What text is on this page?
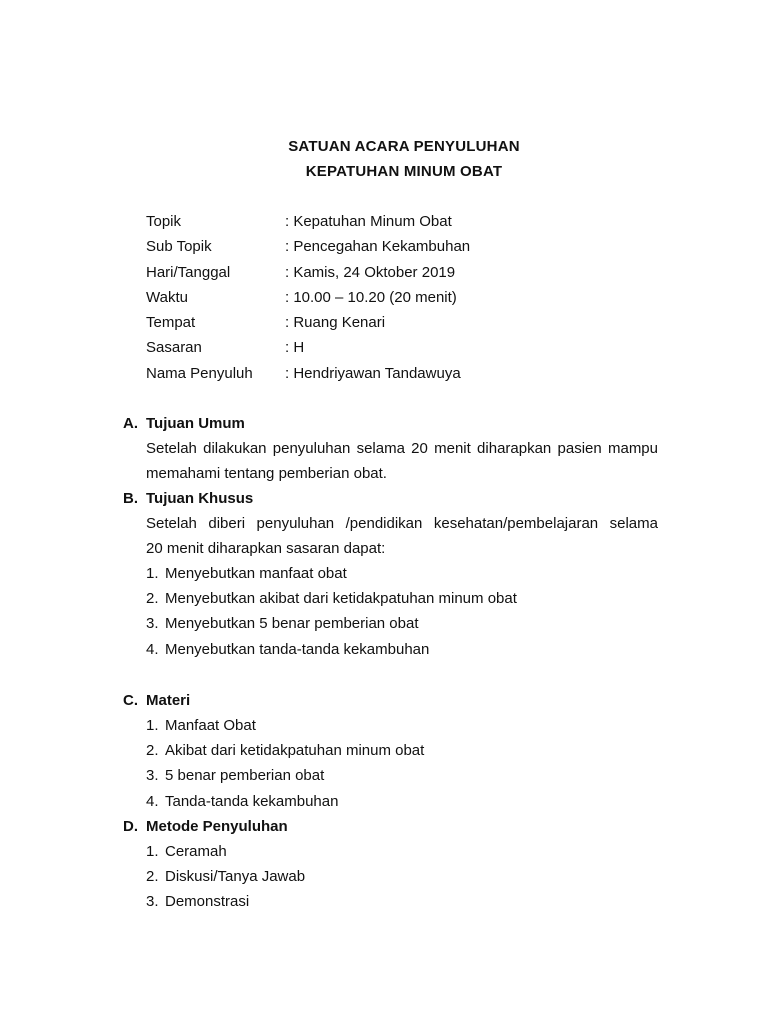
SATUAN ACARA PENYULUHAN
KEPATUHAN MINUM OBAT
Topik	: Kepatuhan Minum Obat
Sub Topik	: Pencegahan Kekambuhan
Hari/Tanggal	: Kamis, 24 Oktober 2019
Waktu	: 10.00 – 10.20 (20 menit)
Tempat	: Ruang Kenari
Sasaran	: H
Nama Penyuluh : Hendriyawan Tandawuya
A. Tujuan Umum
Setelah dilakukan penyuluhan selama 20 menit diharapkan pasien mampu
memahami tentang pemberian obat.
B. Tujuan Khusus
Setelah diberi penyuluhan /pendidikan kesehatan/pembelajaran selama
20 menit diharapkan sasaran dapat:
1. Menyebutkan manfaat obat
2. Menyebutkan akibat dari ketidakpatuhan minum obat
3. Menyebutkan 5 benar pemberian obat
4. Menyebutkan tanda-tanda kekambuhan
C. Materi
1. Manfaat Obat
2. Akibat dari ketidakpatuhan minum obat
3. 5 benar pemberian obat
4. Tanda-tanda kekambuhan
D. Metode Penyuluhan
1. Ceramah
2. Diskusi/Tanya Jawab
3. Demonstrasi
